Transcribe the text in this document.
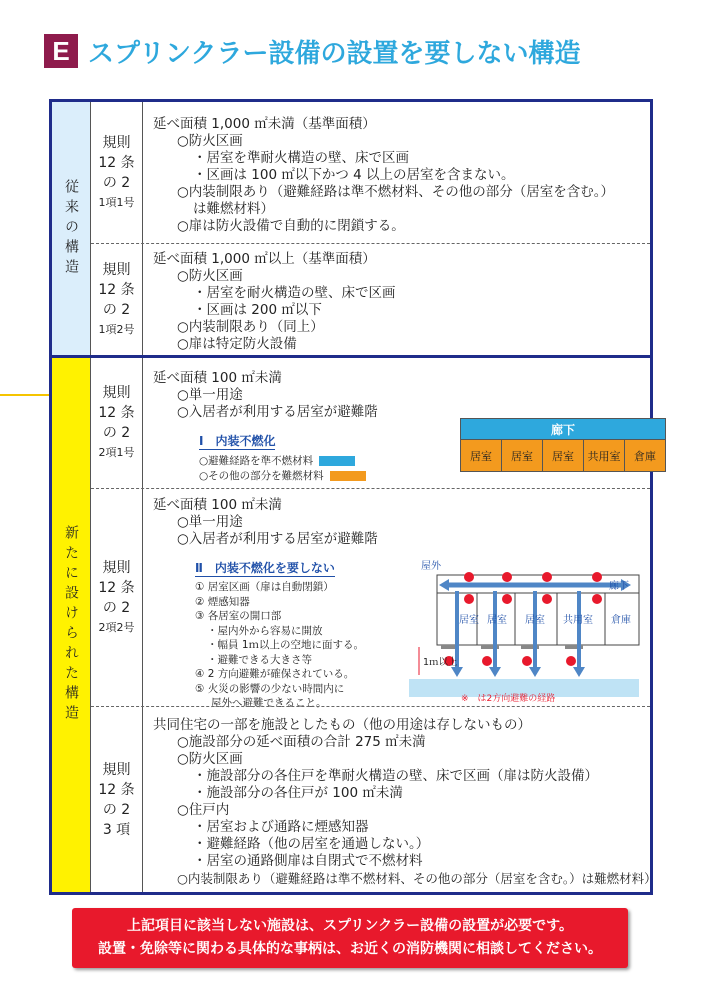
E スプリンクラー設備の設置を要しない構造
従来の構造
新たに設けられた構造
規則
12 条
の 2
1項1号
延べ面積 1,000 ㎡未満（基準面積）
○防火区画
・居室を準耐火構造の壁、床で区画
・区画は 100 ㎡以下かつ 4 以上の居室を含まない。
○内装制限あり（避難経路は準不燃材料、その他の部分（居室を含む。）
は難燃材料）
○扉は防火設備で自動的に閉鎖する。
規則
12 条
の 2
1項2号
延べ面積 1,000 ㎡以上（基準面積）
○防火区画
・居室を耐火構造の壁、床で区画
・区画は 200 ㎡以下
○内装制限あり（同上）
○扉は特定防火設備
規則
12 条
の 2
2項1号
延べ面積 100 ㎡未満
○単一用途
○入居者が利用する居室が避難階
Ⅰ　内装不燃化
○避難経路を準不燃材料
○その他の部分を難燃材料
廊下
居室	居室	居室	共用室	倉庫
規則
12 条
の 2
2項2号
延べ面積 100 ㎡未満
○単一用途
○入居者が利用する居室が避難階
Ⅱ　内装不燃化を要しない
① 居室区画（扉は自動閉鎖）
② 煙感知器
③ 各居室の開口部
・屋内外から容易に開放
・幅員 1ｍ以上の空地に面する。
・避難できる大きさ等
④ 2 方向避難が確保されている。
⑤ 火災の影響の少ない時間内に
屋外へ避難できること。
居室 居室 居室 共用室 倉庫
屋外
廊下
1ｍ以上
※　は2方向避難の経路
規則
12 条
の 2
3 項
共同住宅の一部を施設としたもの（他の用途は存しないもの）
○施設部分の延べ面積の合計 275 ㎡未満
○防火区画
・施設部分の各住戸を準耐火構造の壁、床で区画（扉は防火設備）
・施設部分の各住戸が 100 ㎡未満
○住戸内
・居室および通路に煙感知器
・避難経路（他の居室を通過しない。）
・居室の通路側扉は自閉式で不燃材料
○内装制限あり（避難経路は準不燃材料、その他の部分（居室を含む。）は難燃材料）
上記項目に該当しない施設は、スプリンクラー設備の設置が必要です。
設置・免除等に関わる具体的な事柄は、お近くの消防機関に相談してください。
